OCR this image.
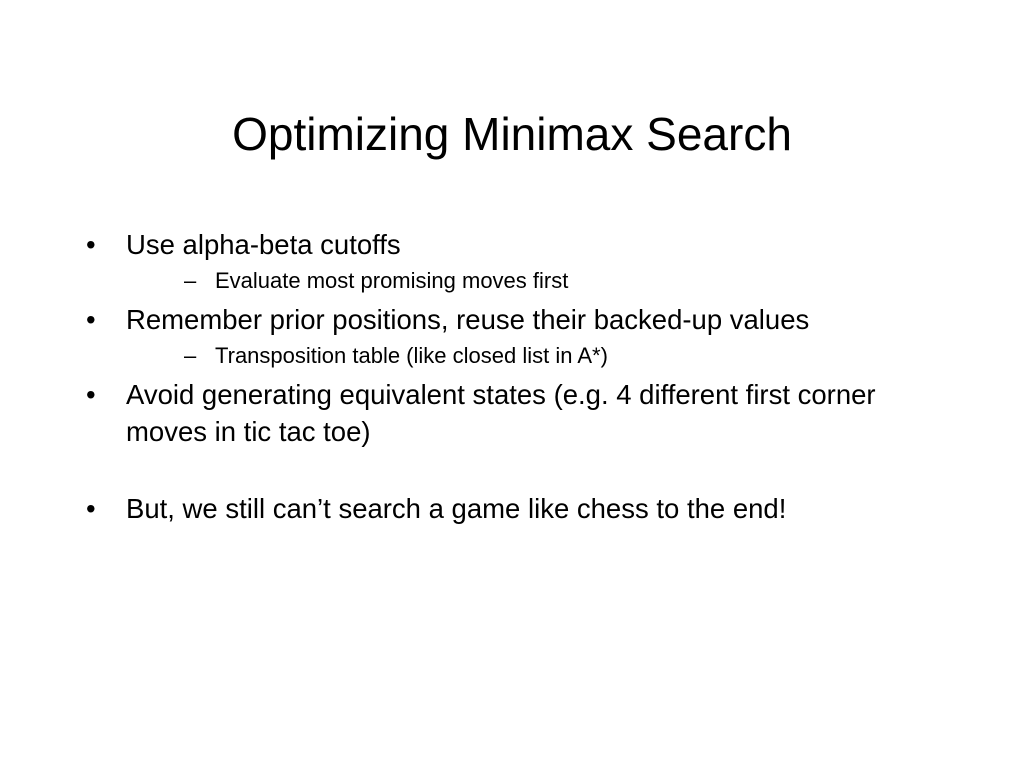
Optimizing Minimax Search
• Use alpha-beta cutoffs
– Evaluate most promising moves first
• Remember prior positions, reuse their backed-up values
– Transposition table (like closed list in A*)
• Avoid generating equivalent states (e.g. 4 different first corner moves in tic tac toe)
• But, we still can’t search a game like chess to the end!
